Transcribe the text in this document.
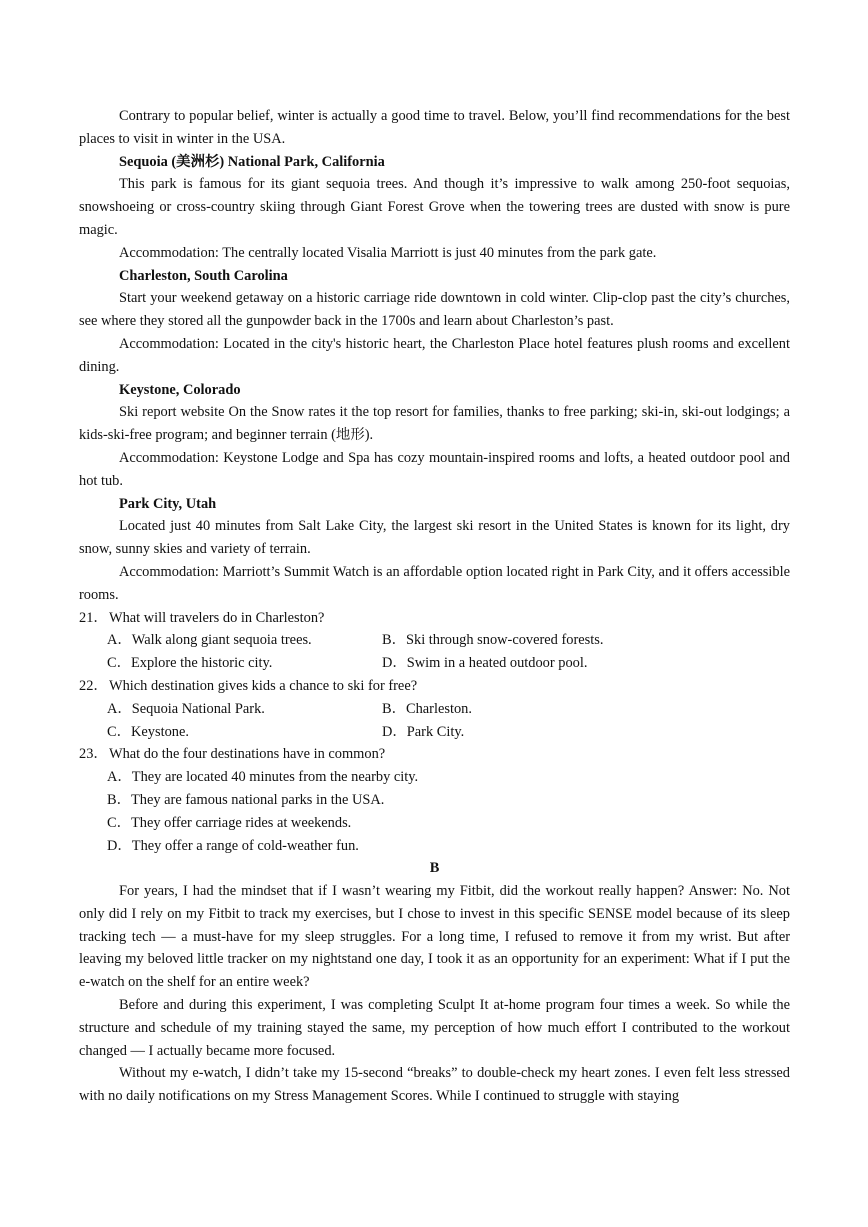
Contrary to popular belief, winter is actually a good time to travel. Below, you’ll find recommendations for the best places to visit in winter in the USA.

Sequoia (美洲杉) National Park, California

This park is famous for its giant sequoia trees. And though it’s impressive to walk among 250-foot sequoias, snowshoeing or cross-country skiing through Giant Forest Grove when the towering trees are dusted with snow is pure magic.

Accommodation: The centrally located Visalia Marriott is just 40 minutes from the park gate.

Charleston, South Carolina

Start your weekend getaway on a historic carriage ride downtown in cold winter. Clip-clop past the city’s churches, see where they stored all the gunpowder back in the 1700s and learn about Charleston’s past.

Accommodation: Located in the city's historic heart, the Charleston Place hotel features plush rooms and excellent dining.

Keystone, Colorado

Ski report website On the Snow rates it the top resort for families, thanks to free parking; ski-in, ski-out lodgings; a kids-ski-free program; and beginner terrain (地形).

Accommodation: Keystone Lodge and Spa has cozy mountain-inspired rooms and lofts, a heated outdoor pool and hot tub.

Park City, Utah

Located just 40 minutes from Salt Lake City, the largest ski resort in the United States is known for its light, dry snow, sunny skies and variety of terrain.

Accommodation: Marriott’s Summit Watch is an affordable option located right in Park City, and it offers accessible rooms.

21． What will travelers do in Charleston?
A．Walk along giant sequoia trees.	B．Ski through snow-covered forests.
C．Explore the historic city.	D．Swim in a heated outdoor pool.
22． Which destination gives kids a chance to ski for free?
A．Sequoia National Park.	B．Charleston.
C．Keystone.	D．Park City.
23． What do the four destinations have in common?

A．They are located 40 minutes from the nearby city.

B．They are famous national parks in the USA.

C．They offer carriage rides at weekends.

D．They offer a range of cold-weather fun.

B

For years, I had the mindset that if I wasn’t wearing my Fitbit, did the workout really happen? Answer: No. Not only did I rely on my Fitbit to track my exercises, but I chose to invest in this specific SENSE model because of its sleep tracking tech — a must-have for my sleep struggles. For a long time, I refused to remove it from my wrist. But after leaving my beloved little tracker on my nightstand one day, I took it as an opportunity for an experiment: What if I put the e-watch on the shelf for an entire week?

Before and during this experiment, I was completing Sculpt It at-home program four times a week. So while the structure and schedule of my training stayed the same, my perception of how much effort I contributed to the workout changed — I actually became more focused.

Without my e-watch, I didn’t take my 15-second “breaks” to double-check my heart zones. I even felt less stressed with no daily notifications on my Stress Management Scores. While I continued to struggle with staying
